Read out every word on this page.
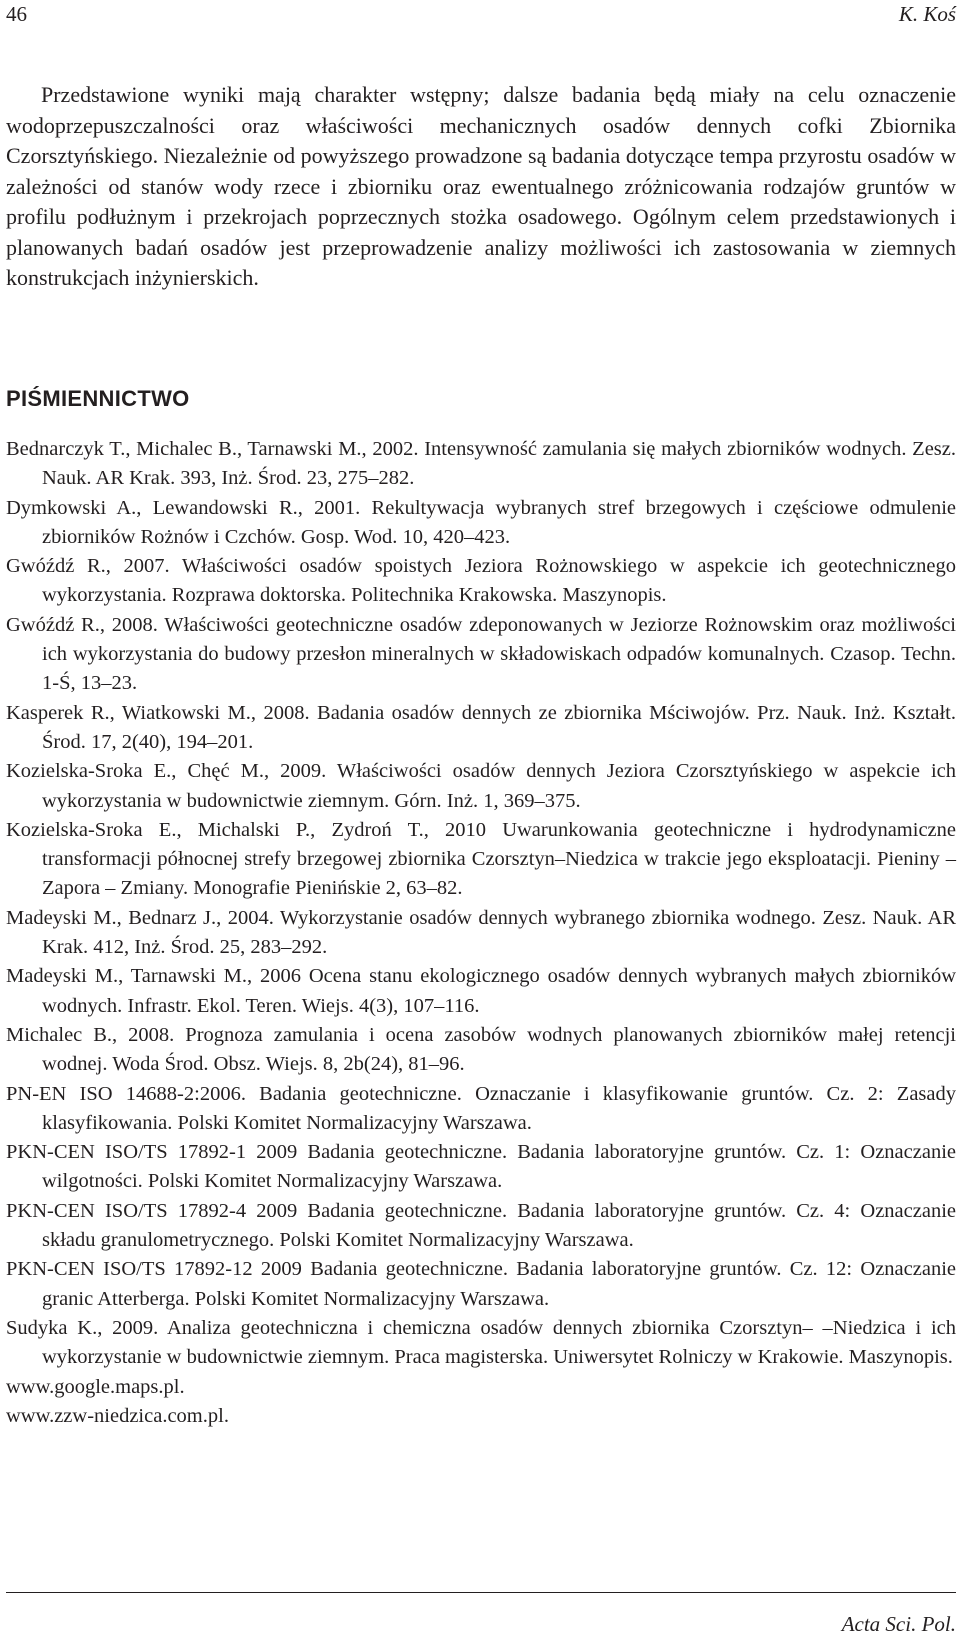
46	K. Koś

Przedstawione wyniki mają charakter wstępny; dalsze badania będą miały na celu oznaczenie wodoprzepuszczalności oraz właściwości mechanicznych osadów dennych cofki Zbiornika Czorsztyńskiego. Niezależnie od powyższego prowadzone są badania dotyczące tempa przyrostu osadów w zależności od stanów wody rzece i zbiorniku oraz ewentualnego zróżnicowania rodzajów gruntów w profilu podłużnym i przekrojach poprzecznych stożka osadowego. Ogólnym celem przedstawionych i planowanych badań osadów jest przeprowadzenie analizy możliwości ich zastosowania w ziemnych konstrukcjach inżynierskich.

PIŚMIENNICTWO
Bednarczyk T., Michalec B., Tarnawski M., 2002. Intensywność zamulania się małych zbiorników wodnych. Zesz. Nauk. AR Krak. 393, Inż. Środ. 23, 275–282.
Dymkowski A., Lewandowski R., 2001. Rekultywacja wybranych stref brzegowych i częściowe odmulenie zbiorników Rożnów i Czchów. Gosp. Wod. 10, 420–423.
Gwóźdź R., 2007. Właściwości osadów spoistych Jeziora Rożnowskiego w aspekcie ich geotechnicznego wykorzystania. Rozprawa doktorska. Politechnika Krakowska. Maszynopis.
Gwóźdź R., 2008. Właściwości geotechniczne osadów zdeponowanych w Jeziorze Rożnowskim oraz możliwości ich wykorzystania do budowy przesłon mineralnych w składowiskach odpadów komunalnych. Czasop. Techn. 1-Ś, 13–23.
Kasperek R., Wiatkowski M., 2008. Badania osadów dennych ze zbiornika Mściwojów. Prz. Nauk. Inż. Kształt. Środ. 17, 2(40), 194–201.
Kozielska-Sroka E., Chęć M., 2009. Właściwości osadów dennych Jeziora Czorsztyńskiego w aspekcie ich wykorzystania w budownictwie ziemnym. Górn. Inż. 1, 369–375.
Kozielska-Sroka E., Michalski P., Zydroń T., 2010 Uwarunkowania geotechniczne i hydrodynamiczne transformacji północnej strefy brzegowej zbiornika Czorsztyn–Niedzica w trakcie jego eksploatacji. Pieniny – Zapora – Zmiany. Monografie Pienińskie 2, 63–82.
Madeyski M., Bednarz J., 2004. Wykorzystanie osadów dennych wybranego zbiornika wodnego. Zesz. Nauk. AR Krak. 412, Inż. Środ. 25, 283–292.
Madeyski M., Tarnawski M., 2006 Ocena stanu ekologicznego osadów dennych wybranych małych zbiorników wodnych. Infrastr. Ekol. Teren. Wiejs. 4(3), 107–116.
Michalec B., 2008. Prognoza zamulania i ocena zasobów wodnych planowanych zbiorników małej retencji wodnej. Woda Środ. Obsz. Wiejs. 8, 2b(24), 81–96.
PN-EN ISO 14688-2:2006. Badania geotechniczne. Oznaczanie i klasyfikowanie gruntów. Cz. 2: Zasady klasyfikowania. Polski Komitet Normalizacyjny Warszawa.
PKN-CEN ISO/TS 17892-1 2009 Badania geotechniczne. Badania laboratoryjne gruntów. Cz. 1: Oznaczanie wilgotności. Polski Komitet Normalizacyjny Warszawa.
PKN-CEN ISO/TS 17892-4 2009 Badania geotechniczne. Badania laboratoryjne gruntów. Cz. 4: Oznaczanie składu granulometrycznego. Polski Komitet Normalizacyjny Warszawa.
PKN-CEN ISO/TS 17892-12 2009 Badania geotechniczne. Badania laboratoryjne gruntów. Cz. 12: Oznaczanie granic Atterberga. Polski Komitet Normalizacyjny Warszawa.
Sudyka K., 2009. Analiza geotechniczna i chemiczna osadów dennych zbiornika Czorsztyn– –Niedzica i ich wykorzystanie w budownictwie ziemnym. Praca magisterska. Uniwersytet Rolniczy w Krakowie. Maszynopis.
www.google.maps.pl.
www.zzw-niedzica.com.pl.
Acta Sci. Pol.
